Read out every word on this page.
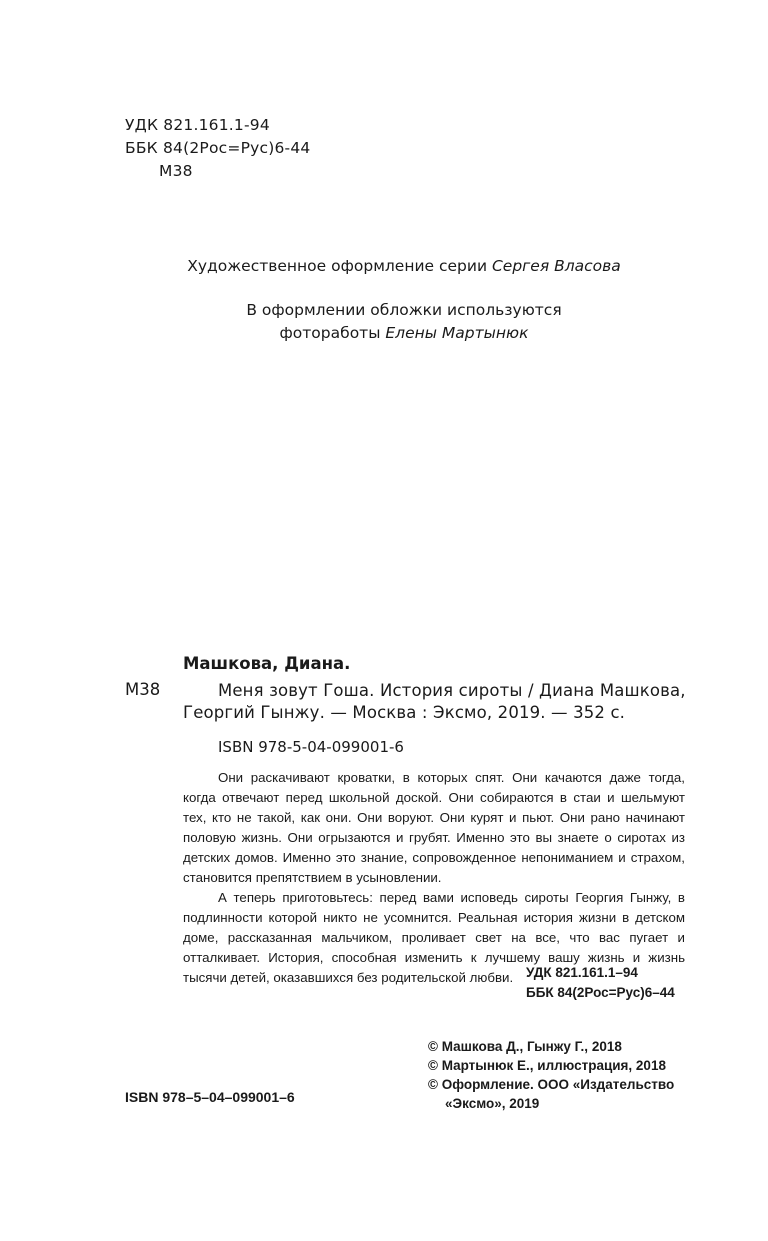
УДК 821.161.1-94
ББК 84(2Рос=Рус)6-44
М38
Художественное оформление серии Сергея Власова
В оформлении обложки используются
фотоработы Елены Мартынюк
Машкова, Диана.
М38	Меня зовут Гоша. История сироты / Диана Машкова, Георгий Гынжу. — Москва : Эксмо, 2019. — 352 с.

ISBN 978-5-04-099001-6

Они раскачивают кроватки, в которых спят. Они качаются даже тогда, когда отвечают перед школьной доской. Они собираются в стаи и шельмуют тех, кто не такой, как они. Они воруют. Они курят и пьют. Они рано начинают половую жизнь. Они огрызаются и грубят. Именно это вы знаете о сиротах из детских домов. Именно это знание, сопровожденное непониманием и страхом, становится препятствием в усыновлении.

А теперь приготовьтесь: перед вами исповедь сироты Георгия Гынжу, в подлинности которой никто не усомнится. Реальная история жизни в детском доме, рассказанная мальчиком, проливает свет на все, что вас пугает и отталкивает. История, способная изменить к лучшему вашу жизнь и жизнь тысячи детей, оказавшихся без родительской любви. УДК 821.161.1–94
ББК 84(2Рос=Рус)6–44
© Машкова Д., Гынжу Г., 2018
© Мартынюк Е., иллюстрация, 2018
© Оформление. ООО «Издательство
«Эксмо», 2019
ISBN 978–5–04–099001–6
